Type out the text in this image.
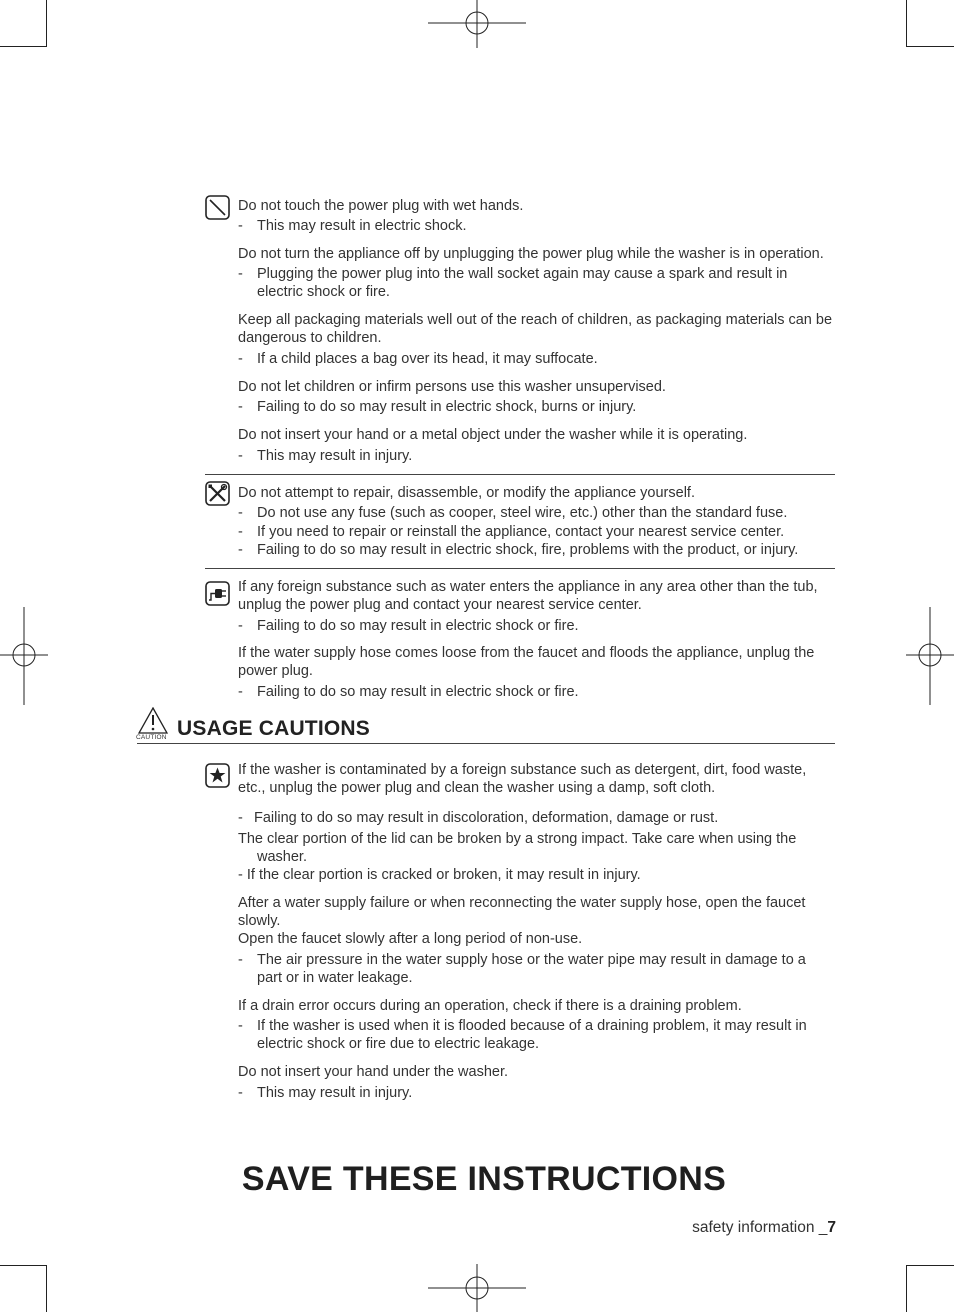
Do not touch the power plug with wet hands.
- This may result in electric shock.
Do not turn the appliance off by unplugging the power plug while the washer is in operation.
- Plugging the power plug into the wall socket again may cause a spark and result in electric shock or fire.
Keep all packaging materials well out of the reach of children, as packaging materials can be dangerous to children.
- If a child places a bag over its head, it may suffocate.
Do not let children or infirm persons use this washer unsupervised.
- Failing to do so may result in electric shock, burns or injury.
Do not insert your hand or a metal object under the washer while it is operating.
- This may result in injury.
Do not attempt to repair, disassemble, or modify the appliance yourself.
- Do not use any fuse (such as cooper, steel wire, etc.) other than the standard fuse.
- If you need to repair or reinstall the appliance, contact your nearest service center.
- Failing to do so may result in electric shock, fire, problems with the product, or injury.
If any foreign substance such as water enters the appliance in any area other than the tub, unplug the power plug and contact your nearest service center.
- Failing to do so may result in electric shock or fire.
If the water supply hose comes loose from the faucet and floods the appliance, unplug the power plug.
- Failing to do so may result in electric shock or fire.
CAUTION USAGE CAUTIONS
If the washer is contaminated by a foreign substance such as detergent, dirt, food waste, etc., unplug the power plug and clean the washer using a damp, soft cloth.
- Failing to do so may result in discoloration, deformation, damage or rust.
The clear portion of the lid can be broken by a strong impact. Take care when using the washer.
- If the clear portion is cracked or broken, it may result in injury.
After a water supply failure or when reconnecting the water supply hose, open the faucet slowly.
Open the faucet slowly after a long period of non-use.
- The air pressure in the water supply hose or the water pipe may result in damage to a part or in water leakage.
If a drain error occurs during an operation, check if there is a draining problem.
- If the washer is used when it is flooded because of a draining problem, it may result in electric shock or fire due to electric leakage.
Do not insert your hand under the washer.
- This may result in injury.
SAVE THESE INSTRUCTIONS
safety information _7
